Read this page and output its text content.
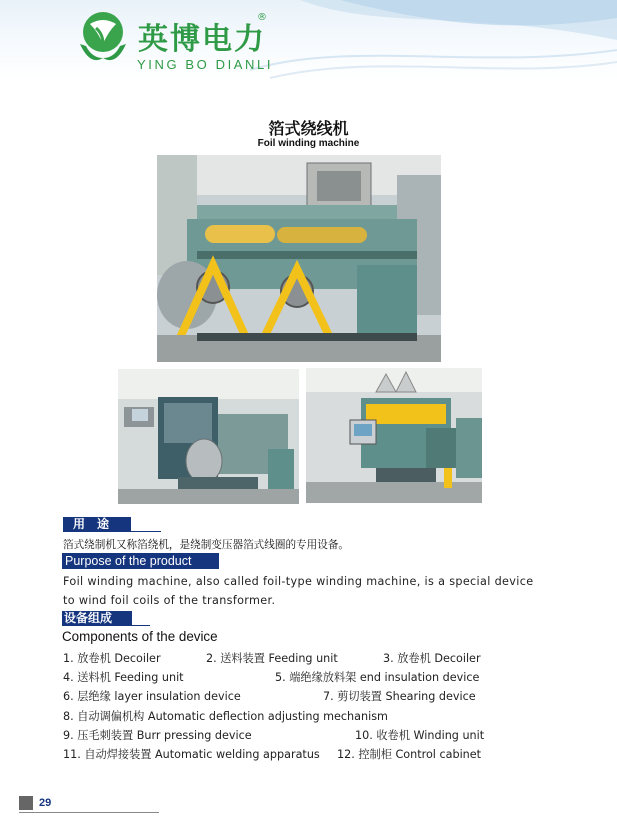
英博电力
®
YING BO DIANLI
箔式绕线机
Foil winding machine
用途
箔式绕制机又称箔绕机，是绕制变压器箔式线圈的专用设备。
Purpose of the product
Foil winding machine, also called foil-type winding machine, is a special device
to wind foil coils of the transformer.
设备组成
Components of the device
1. 放卷机 Decoiler	2. 送料装置 Feeding unit	3. 放卷机 Decoiler
4. 送料机 Feeding unit	5. 端绝缘放料架 end insulation device
6. 层绝缘 layer insulation device	7. 剪切装置 Shearing device
8. 自动调偏机构 Automatic deflection adjusting mechanism
9. 压毛刺装置 Burr pressing device	10. 收卷机 Winding unit
11. 自动焊接装置 Automatic welding apparatus 12. 控制柜 Control cabinet
29
